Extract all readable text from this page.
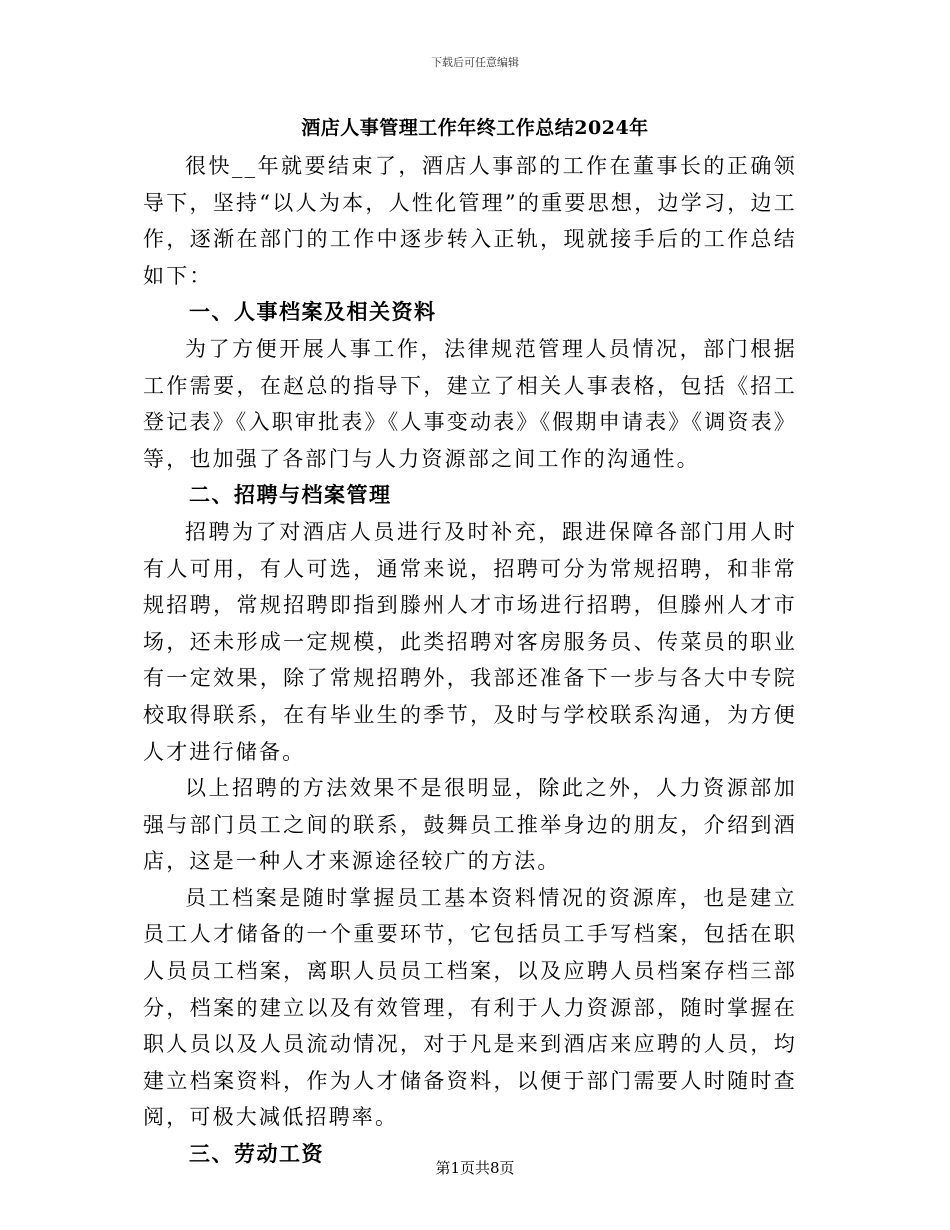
下载后可任意编辑
酒店人事管理工作年终工作总结2024年

很快__年就要结束了，酒店人事部的工作在董事长的正确领导下，坚持“以人为本，人性化管理”的重要思想，边学习，边工作，逐渐在部门的工作中逐步转入正轨，现就接手后的工作总结如下：

一、人事档案及相关资料

为了方便开展人事工作，法律规范管理人员情况，部门根据工作需要，在赵总的指导下，建立了相关人事表格，包括《招工登记表》《入职审批表》《人事变动表》《假期申请表》《调资表》等，也加强了各部门与人力资源部之间工作的沟通性。

二、招聘与档案管理

招聘为了对酒店人员进行及时补充，跟进保障各部门用人时有人可用，有人可选，通常来说，招聘可分为常规招聘，和非常规招聘，常规招聘即指到滕州人才市场进行招聘，但滕州人才市场，还未形成一定规模，此类招聘对客房服务员、传菜员的职业有一定效果，除了常规招聘外，我部还准备下一步与各大中专院校取得联系，在有毕业生的季节，及时与学校联系沟通，为方便人才进行储备。

以上招聘的方法效果不是很明显，除此之外，人力资源部加强与部门员工之间的联系，鼓舞员工推举身边的朋友，介绍到酒店，这是一种人才来源途径较广的方法。

员工档案是随时掌握员工基本资料情况的资源库，也是建立员工人才储备的一个重要环节，它包括员工手写档案，包括在职人员员工档案，离职人员员工档案，以及应聘人员档案存档三部分，档案的建立以及有效管理，有利于人力资源部，随时掌握在职人员以及人员流动情况，对于凡是来到酒店来应聘的人员，均建立档案资料，作为人才储备资料，以便于部门需要人时随时查阅，可极大减低招聘率。

三、劳动工资
第1页共8页
